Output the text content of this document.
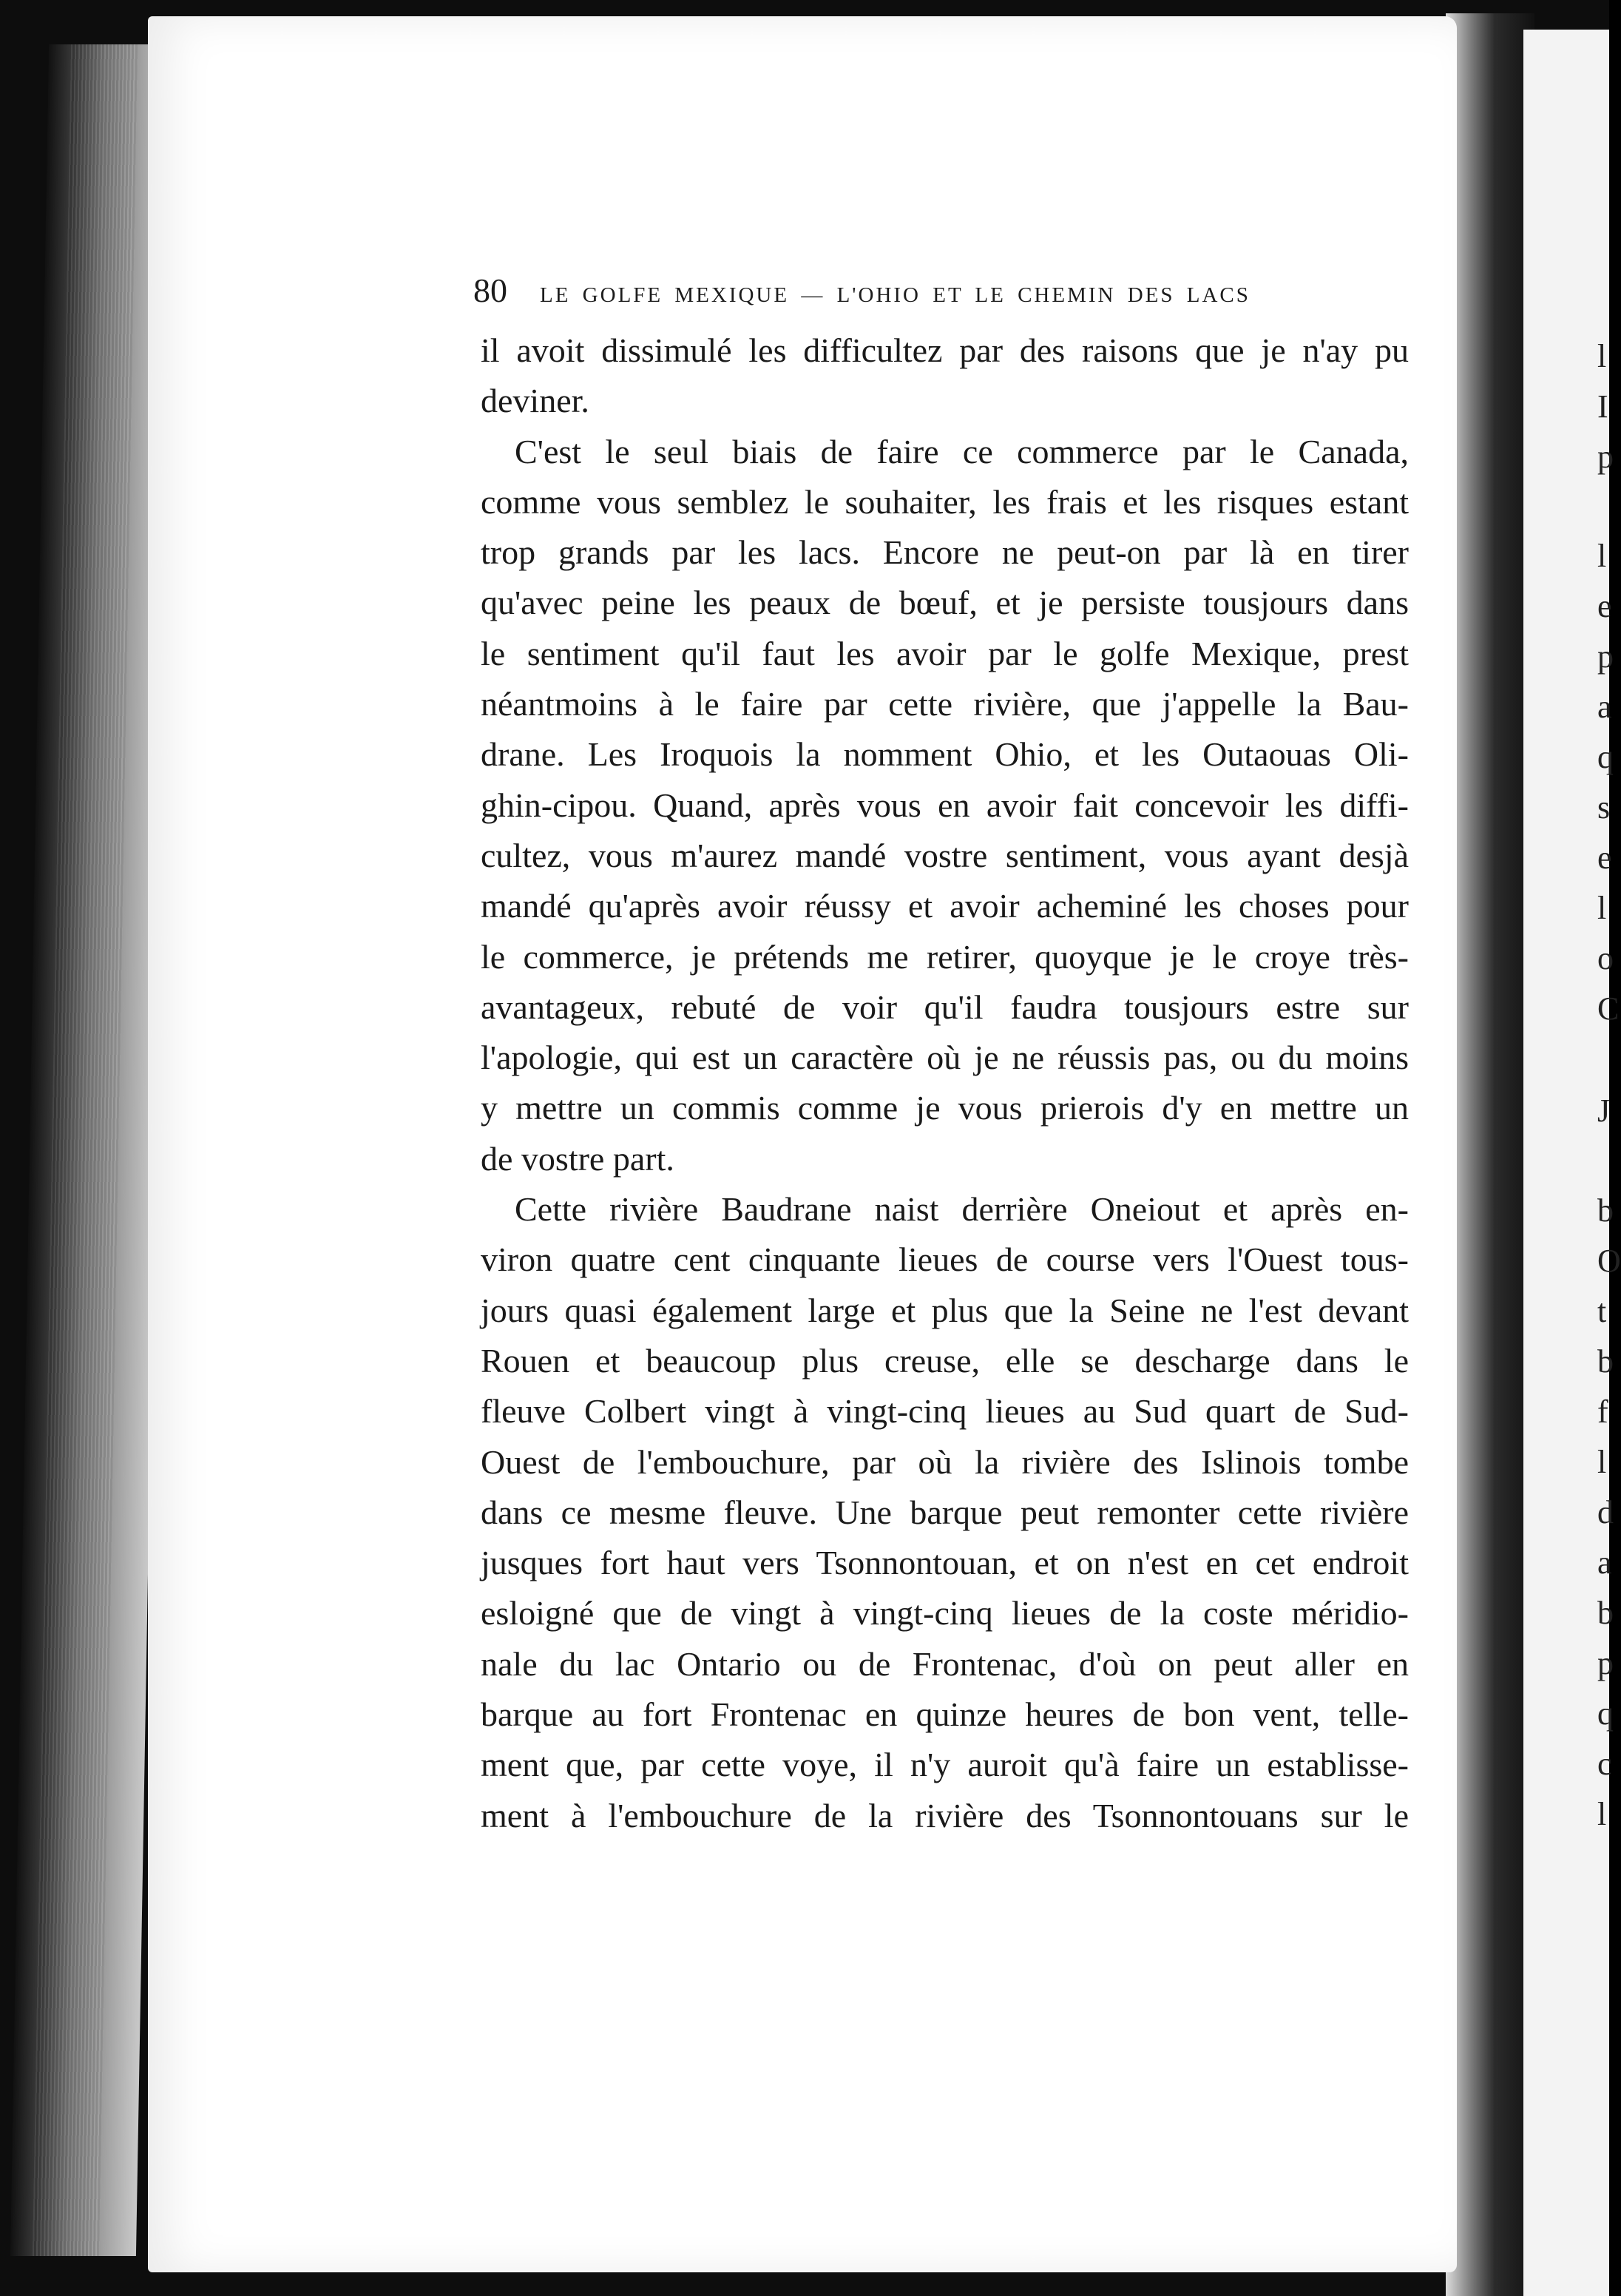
l
I
p
l
e
p
a
q
s
e
l
o
C
J
b
O
t
b
f
l
d
a
b
p
q
c
l
80 LE GOLFE MEXIQUE — L'OHIO ET LE CHEMIN DES LACS
il avoit dissimulé les difficultez par des raisons que je n'ay pu
deviner.
C'est le seul biais de faire ce commerce par le Canada,
comme vous semblez le souhaiter, les frais et les risques estant
trop grands par les lacs. Encore ne peut-on par là en tirer
qu'avec peine les peaux de bœuf, et je persiste tousjours dans
le sentiment qu'il faut les avoir par le golfe Mexique, prest
néantmoins à le faire par cette rivière, que j'appelle la Bau-
drane. Les Iroquois la nomment Ohio, et les Outaouas Oli-
ghin-cipou. Quand, après vous en avoir fait concevoir les diffi-
cultez, vous m'aurez mandé vostre sentiment, vous ayant desjà
mandé qu'après avoir réussy et avoir acheminé les choses pour
le commerce, je prétends me retirer, quoyque je le croye très-
avantageux, rebuté de voir qu'il faudra tousjours estre sur
l'apologie, qui est un caractère où je ne réussis pas, ou du moins
y mettre un commis comme je vous prierois d'y en mettre un
de vostre part.
Cette rivière Baudrane naist derrière Oneiout et après en-
viron quatre cent cinquante lieues de course vers l'Ouest tous-
jours quasi également large et plus que la Seine ne l'est devant
Rouen et beaucoup plus creuse, elle se descharge dans le
fleuve Colbert vingt à vingt-cinq lieues au Sud quart de Sud-
Ouest de l'embouchure, par où la rivière des Islinois tombe
dans ce mesme fleuve. Une barque peut remonter cette rivière
jusques fort haut vers Tsonnontouan, et on n'est en cet endroit
esloigné que de vingt à vingt-cinq lieues de la coste méridio-
nale du lac Ontario ou de Frontenac, d'où on peut aller en
barque au fort Frontenac en quinze heures de bon vent, telle-
ment que, par cette voye, il n'y auroit qu'à faire un establisse-
ment à l'embouchure de la rivière des Tsonnontouans sur le
